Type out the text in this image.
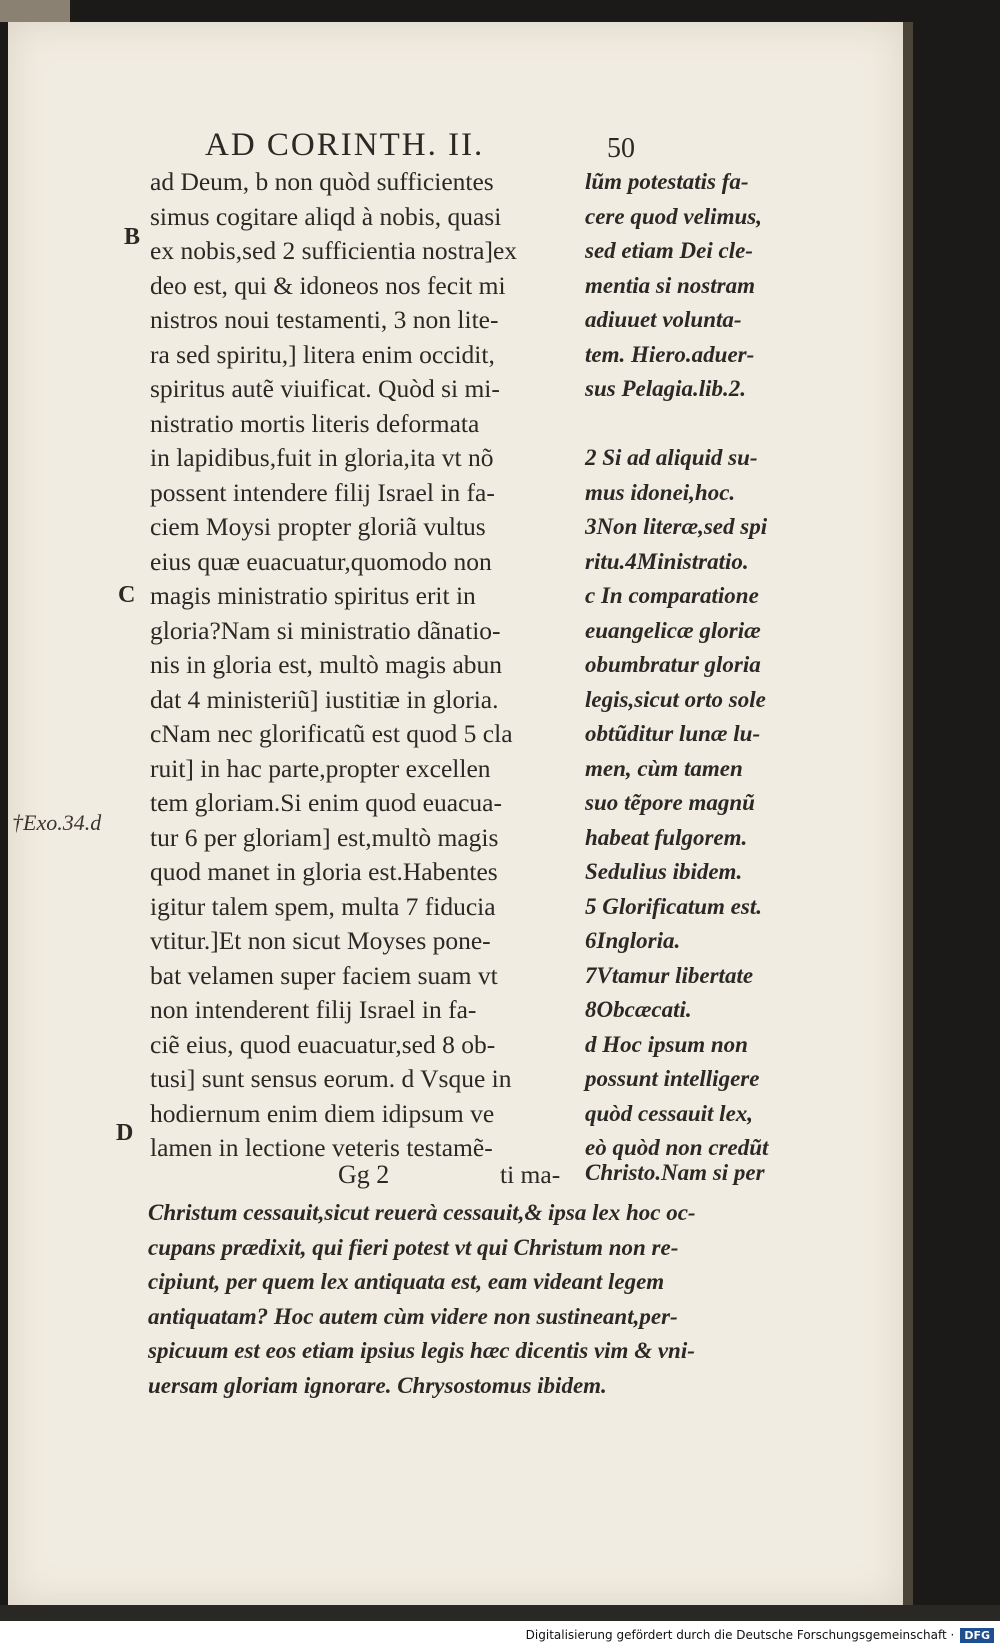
AD CORINTH. II.	50
B
C
D
†Exo.34.d
ad Deum, b non quòd sufficientes
simus cogitare aliqd à nobis, quasi
ex nobis,sed 2 sufficientia nostra]ex
deo est, qui & idoneos nos fecit mi
nistros noui testamenti, 3 non lite-
ra sed spiritu,] litera enim occidit,
spiritus autẽ viuificat. Quòd si mi-
nistratio mortis literis deformata
in lapidibus,fuit in gloria,ita vt nõ
possent intendere filij Israel in fa-
ciem Moysi propter gloriã vultus
eius quæ euacuatur,quomodo non
magis ministratio spiritus erit in
gloria?Nam si ministratio dãnatio-
nis in gloria est, multò magis abun
dat 4 ministeriũ] iustitiæ in gloria.
cNam nec glorificatũ est quod 5 cla
ruit] in hac parte,propter excellen
tem gloriam.Si enim quod euacua-
tur 6 per gloriam] est,multò magis
quod manet in gloria est.Habentes
igitur talem spem, multa 7 fiducia
vtitur.]Et non sicut Moyses pone-
bat velamen super faciem suam vt
non intenderent filij Israel in fa-
ciẽ eius, quod euacuatur,sed 8 ob-
tusi] sunt sensus eorum. d Vsque in
hodiernum enim diem idipsum ve
lamen in lectione veteris testamẽ-
lũm potestatis fa-
cere quod velimus,
sed etiam Dei cle-
mentia si nostram
adiuuet volunta-
tem. Hiero.aduer-
sus Pelagia.lib.2.
2 Si ad aliquid su-
mus idonei,hoc.
3Non literæ,sed spi
ritu.4Ministratio.
c In comparatione
euangelicæ gloriæ
obumbratur gloria
legis,sicut orto sole
obtũditur lunæ lu-
men, cùm tamen
suo tẽpore magnũ
habeat fulgorem.
Sedulius ibidem.
5 Glorificatum est.
6Ingloria.
7Vtamur libertate
8Obcæcati.
d Hoc ipsum non
possunt intelligere
quòd cessauit lex,
eò quòd non credũt
Gg 2	ti ma- Christo.Nam si per
Christum cessauit,sicut reuerà cessauit,& ipsa lex hoc oc-
cupans prædixit, qui fieri potest vt qui Christum non re-
cipiunt, per quem lex antiquata est, eam videant legem
antiquatam? Hoc autem cùm videre non sustineant,per-
spicuum est eos etiam ipsius legis hæc dicentis vim & vni-
uersam gloriam ignorare. Chrysostomus ibidem.
Digitalisierung gefördert durch die Deutsche Forschungsgemeinschaft · DFG
